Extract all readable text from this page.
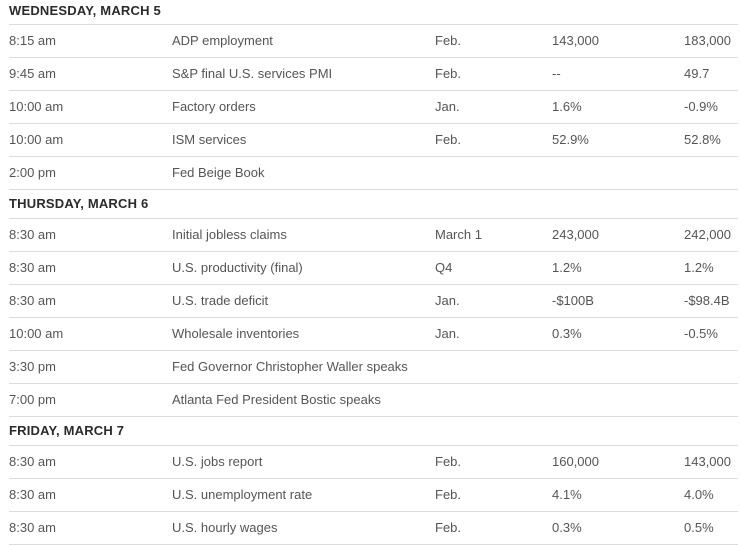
WEDNESDAY, MARCH 5
8:15 am	ADP employment	Feb.	143,000	183,000
9:45 am	S&P final U.S. services PMI	Feb.	--	49.7
10:00 am	Factory orders	Jan.	1.6%	-0.9%
10:00 am	ISM services	Feb.	52.9%	52.8%
2:00 pm	Fed Beige Book
THURSDAY, MARCH 6
8:30 am	Initial jobless claims	March 1	243,000	242,000
8:30 am	U.S. productivity (final)	Q4	1.2%	1.2%
8:30 am	U.S. trade deficit	Jan.	-$100B	-$98.4B
10:00 am	Wholesale inventories	Jan.	0.3%	-0.5%
3:30 pm	Fed Governor Christopher Waller speaks
7:00 pm	Atlanta Fed President Bostic speaks
FRIDAY, MARCH 7
8:30 am	U.S. jobs report	Feb.	160,000	143,000
8:30 am	U.S. unemployment rate	Feb.	4.1%	4.0%
8:30 am	U.S. hourly wages	Feb.	0.3%	0.5%
